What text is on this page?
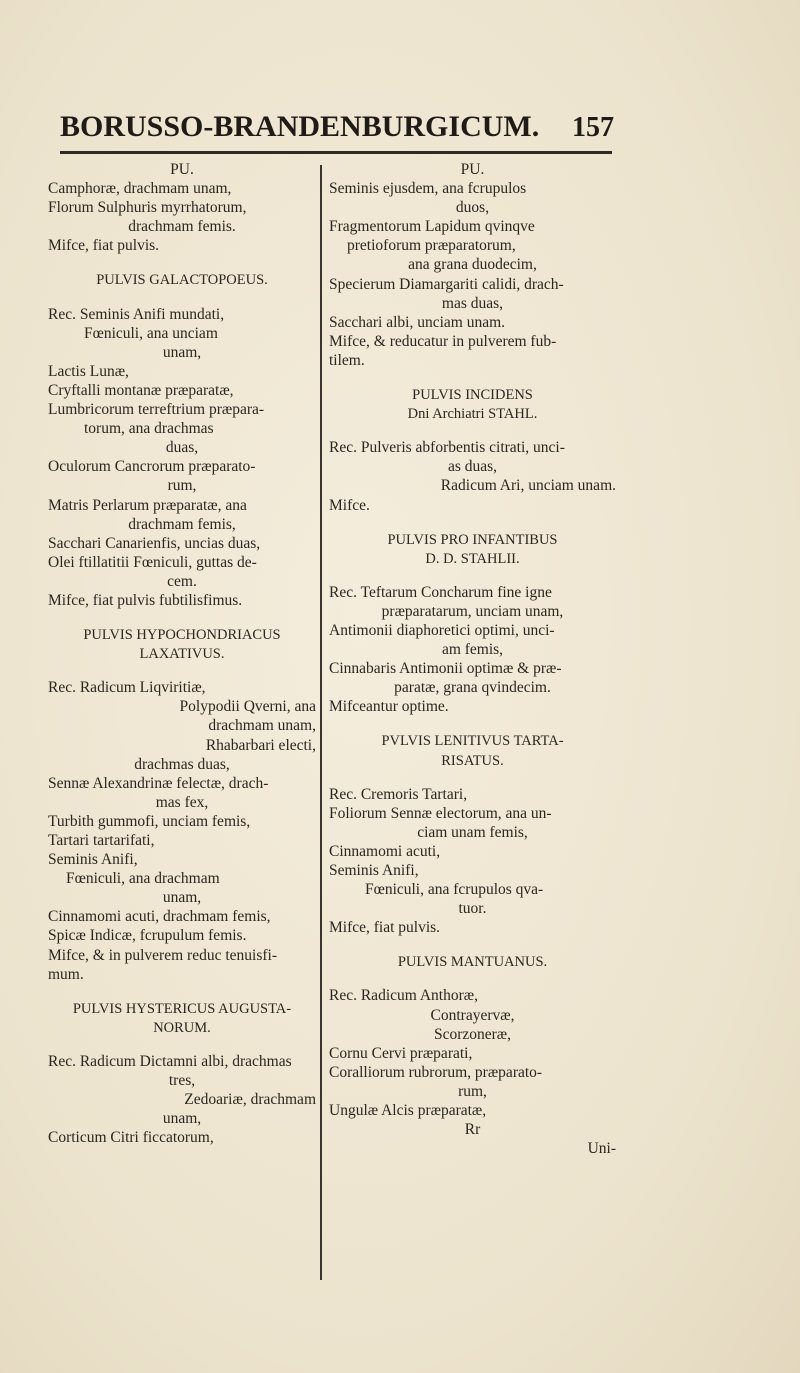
BORUSSO-BRANDENBURGICUM. 157
PU.
Camphoræ, drachmam unam,
Florum Sulphuris myrrhatorum,
drachmam femis.
Mifce, fiat pulvis.
PULVIS GALACTOPOEUS.
Rec. Seminis Anifi mundati,
Fœniculi, ana unciam
unam,
Lactis Lunæ,
Cryftalli montanæ præparatæ,
Lumbricorum terreftrium præpara-
torum, ana drachmas
duas,
Oculorum Cancrorum præparato-
rum,
Matris Perlarum præparatæ, ana
drachmam femis,
Sacchari Canarienfis, uncias duas,
Olei ftillatitii Fœniculi, guttas de-
cem.
Mifce, fiat pulvis fubtilisfimus.
PULVIS HYPOCHONDRIACUS
LAXATIVUS.
Rec. Radicum Liqviritiæ,
Polypodii Qverni, ana
drachmam unam,
Rhabarbari electi,
drachmas duas,
Sennæ Alexandrinæ felectæ, drach-
mas fex,
Turbith gummofi, unciam femis,
Tartari tartarifati,
Seminis Anifi,
Fœniculi, ana drachmam
unam,
Cinnamomi acuti, drachmam femis,
Spicæ Indicæ, fcrupulum femis.
Mifce, & in pulverem reduc tenuisfi-
mum.
PULVIS HYSTERICUS AUGUSTA-
NORUM.
Rec. Radicum Dictamni albi, drachmas
tres,
Zedoariæ, drachmam
unam,
Corticum Citri ficcatorum,
PU.
Seminis ejusdem, ana fcrupulos
duos,
Fragmentorum Lapidum qvinqve
pretioforum præparatorum,
ana grana duodecim,
Specierum Diamargariti calidi, drach-
mas duas,
Sacchari albi, unciam unam.
Mifce, & reducatur in pulverem fub-
tilem.
PULVIS INCIDENS
Dni Archiatri STAHL.
Rec. Pulveris abforbentis citrati, unci-
as duas,
Radicum Ari, unciam unam.
Mifce.
PULVIS PRO INFANTIBUS
D. D. STAHLII.
Rec. Teftarum Concharum fine igne
præparatarum, unciam unam,
Antimonii diaphoretici optimi, unci-
am femis,
Cinnabaris Antimonii optimæ & præ-
paratæ, grana qvindecim.
Mifceantur optime.
PVLVIS LENITIVUS TARTA-
RISATUS.
Rec. Cremoris Tartari,
Foliorum Sennæ electorum, ana un-
ciam unam femis,
Cinnamomi acuti,
Seminis Anifi,
Fœniculi, ana fcrupulos qva-
tuor.
Mifce, fiat pulvis.
PULVIS MANTUANUS.
Rec. Radicum Anthoræ,
Contrayervæ,
Scorzoneræ,
Cornu Cervi præparati,
Coralliorum rubrorum, præparato-
rum,
Ungulæ Alcis præparatæ,
Rr
Uni-
